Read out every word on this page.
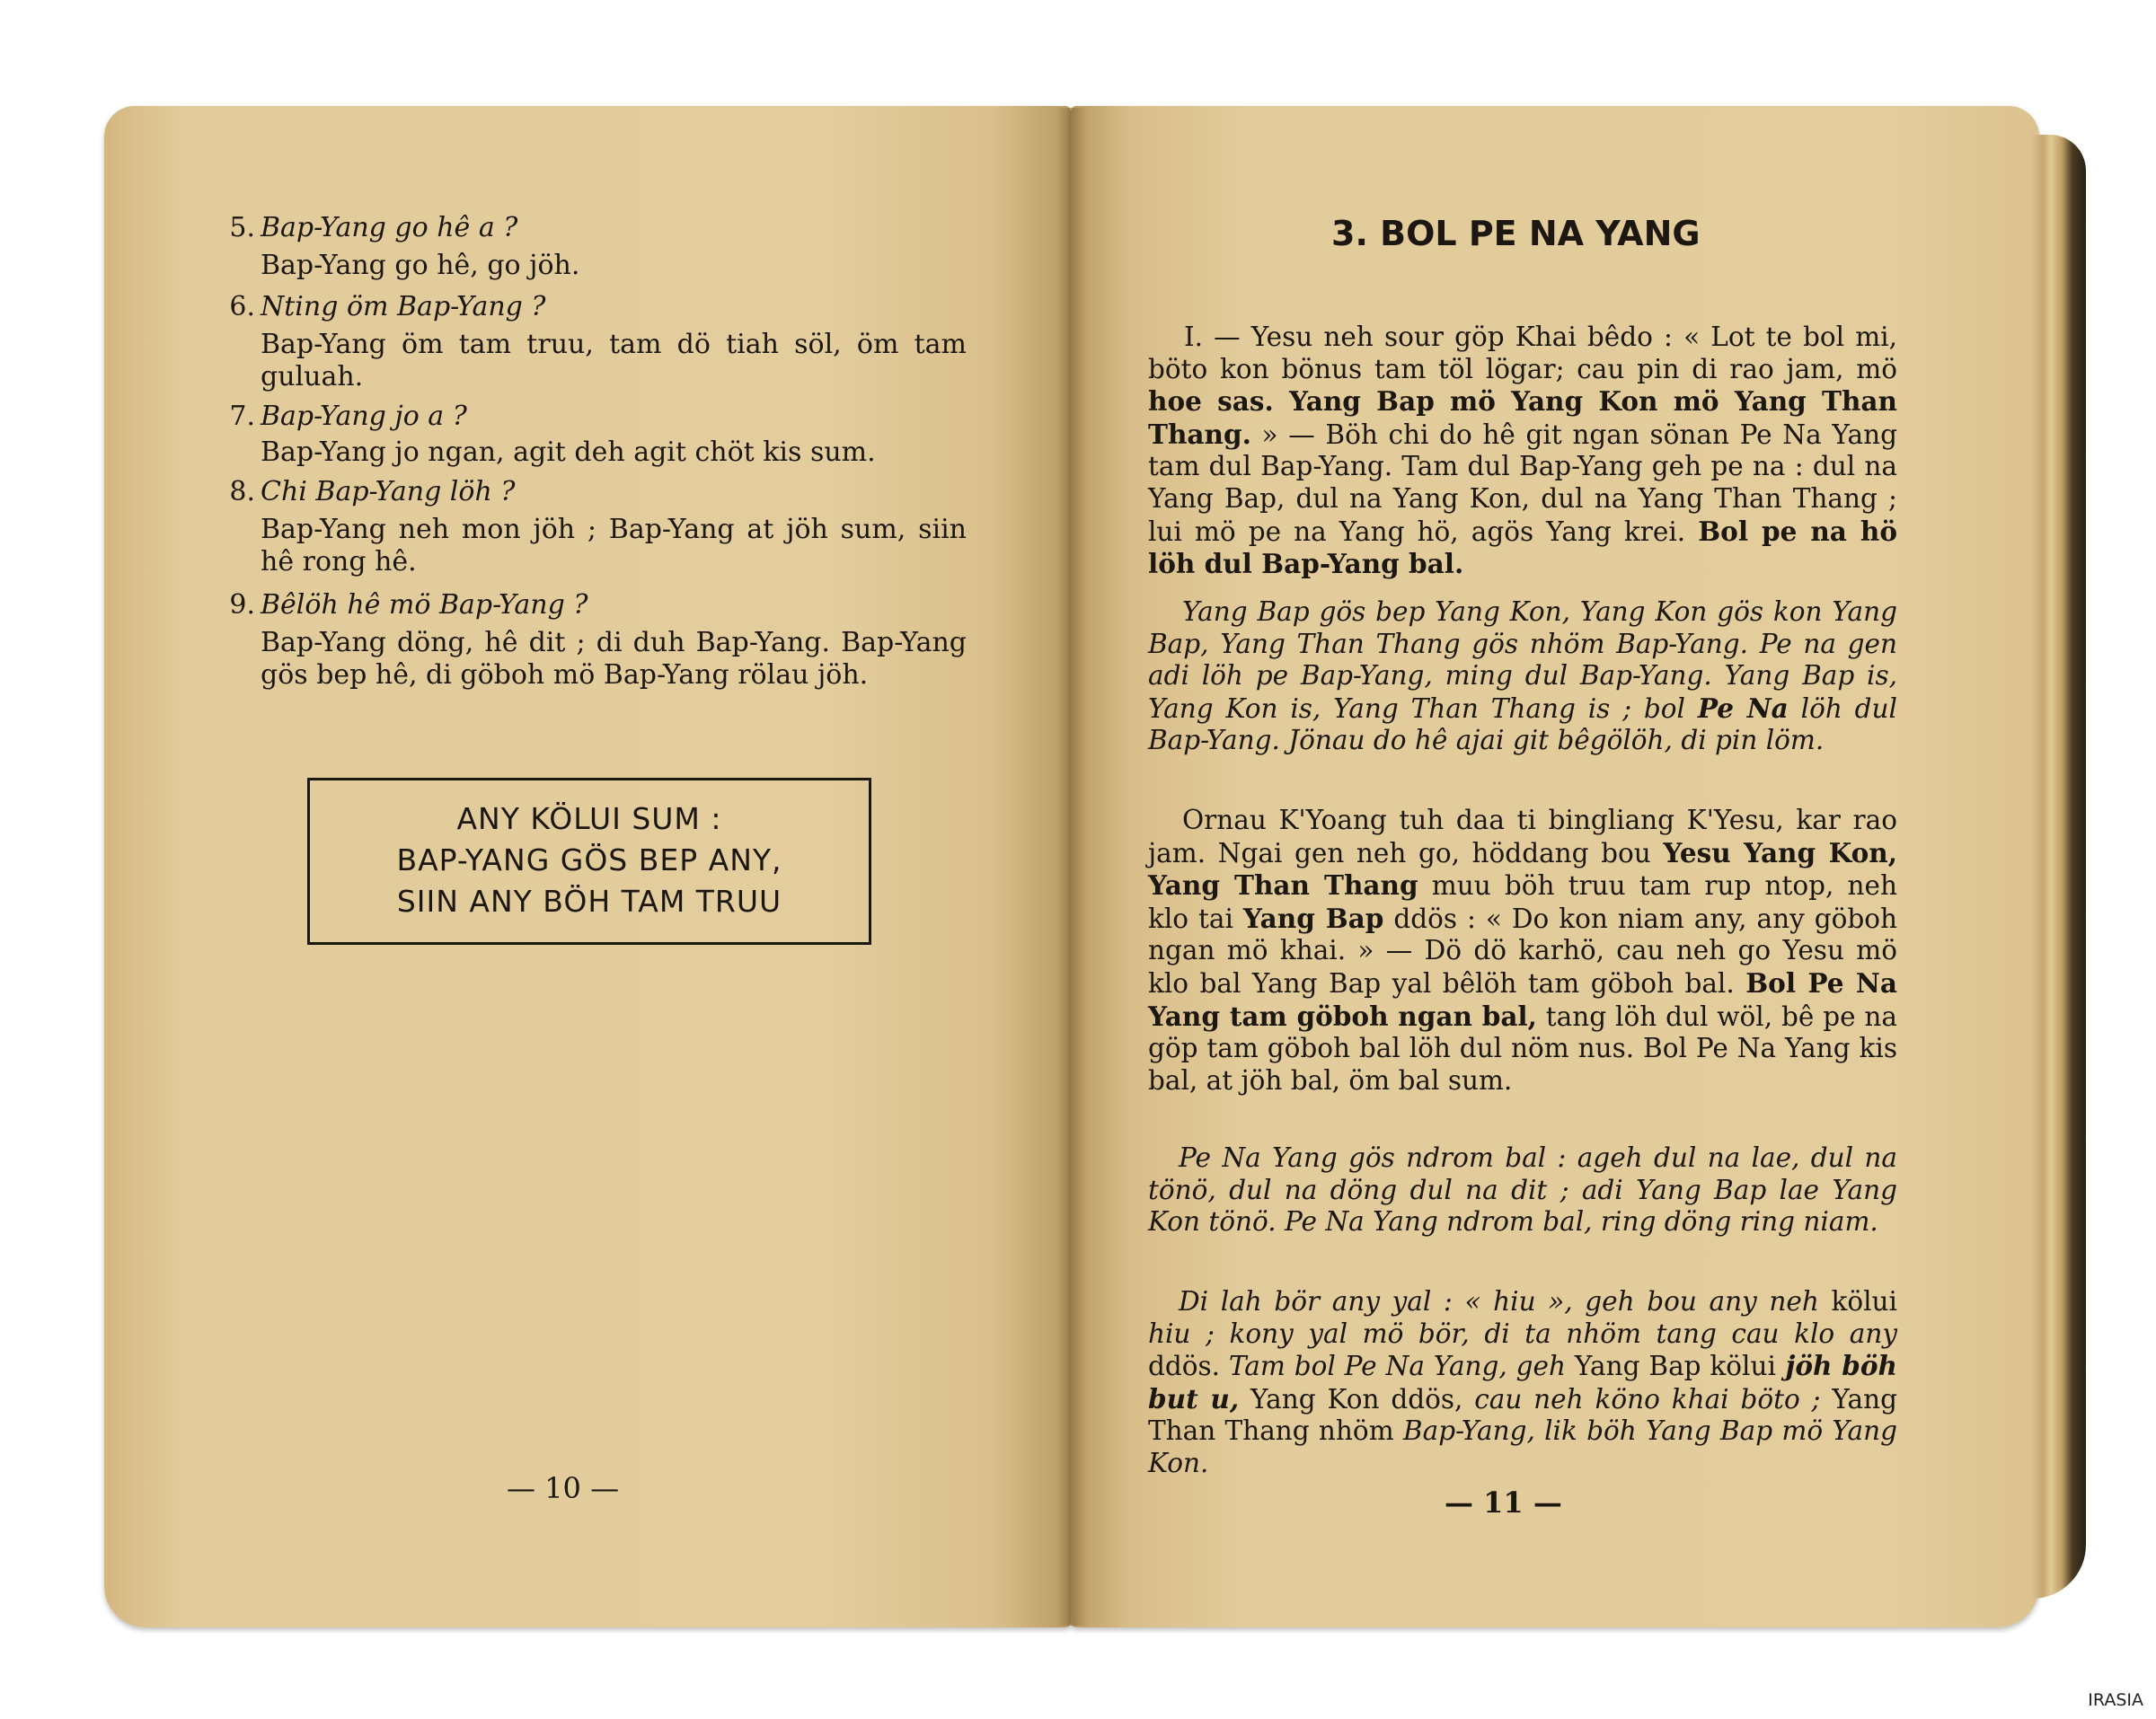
5. Bap-Yang go hê a ?
Bap-Yang go hê, go jöh.
6. Nting öm Bap-Yang ?
Bap-Yang öm tam truu, tam dö tiah söl, öm tam guluah.
7. Bap-Yang jo a ?
Bap-Yang jo ngan, agit deh agit chöt kis sum.
8. Chi Bap-Yang löh ?
Bap-Yang neh mon jöh ; Bap-Yang at jöh sum, siin hê rong hê.
9. Bêlöh hê mö Bap-Yang ?
Bap-Yang döng, hê dit ; di duh Bap-Yang. Bap-Yang gös bep hê, di göboh mö Bap-Yang rölau jöh.
ANY KÖLUI SUM :
BAP-YANG GÖS BEP ANY,
SIIN ANY BÖH TAM TRUU
— 10 —
3. BOL PE NA YANG
I. — Yesu neh sour göp Khai bêdo : « Lot te bol mi, böto kon bönus tam töl lögar; cau pin di rao jam, mö hoe sas. Yang Bap mö Yang Kon mö Yang Than Thang. » — Böh chi do hê git ngan sönan Pe Na Yang tam dul Bap-Yang. Tam dul Bap-Yang geh pe na : dul na Yang Bap, dul na Yang Kon, dul na Yang Than Thang ; lui mö pe na Yang hö, agös Yang krei. Bol pe na hö löh dul Bap-Yang bal.
Yang Bap gös bep Yang Kon, Yang Kon gös kon Yang Bap, Yang Than Thang gös nhöm Bap-Yang. Pe na gen adi löh pe Bap-Yang, ming dul Bap-Yang. Yang Bap is, Yang Kon is, Yang Than Thang is ; bol Pe Na löh dul Bap-Yang. Jönau do hê ajai git bêgölöh, di pin löm.
Ornau K'Yoang tuh daa ti bingliang K'Yesu, kar rao jam. Ngai gen neh go, höddang bou Yesu Yang Kon, Yang Than Thang muu böh truu tam rup ntop, neh klo tai Yang Bap ddös : « Do kon niam any, any göboh ngan mö khai. » — Dö dö karhö, cau neh go Yesu mö klo bal Yang Bap yal bêlöh tam göboh bal. Bol Pe Na Yang tam göboh ngan bal, tang löh dul wöl, bê pe na göp tam göboh bal löh dul nöm nus. Bol Pe Na Yang kis bal, at jöh bal, öm bal sum.
Pe Na Yang gös ndrom bal : ageh dul na lae, dul na tönö, dul na döng dul na dit ; adi Yang Bap lae Yang Kon tönö. Pe Na Yang ndrom bal, ring döng ring niam.
Di lah bör any yal : « hiu », geh bou any neh kölui hiu ; kony yal mö bör, di ta nhöm tang cau klo any ddös. Tam bol Pe Na Yang, geh Yang Bap kölui jöh böh but u, Yang Kon ddös, cau neh köno khai böto ; Yang Than Thang nhöm Bap-Yang, lik böh Yang Bap mö Yang Kon.
— 11 —
IRASIA
